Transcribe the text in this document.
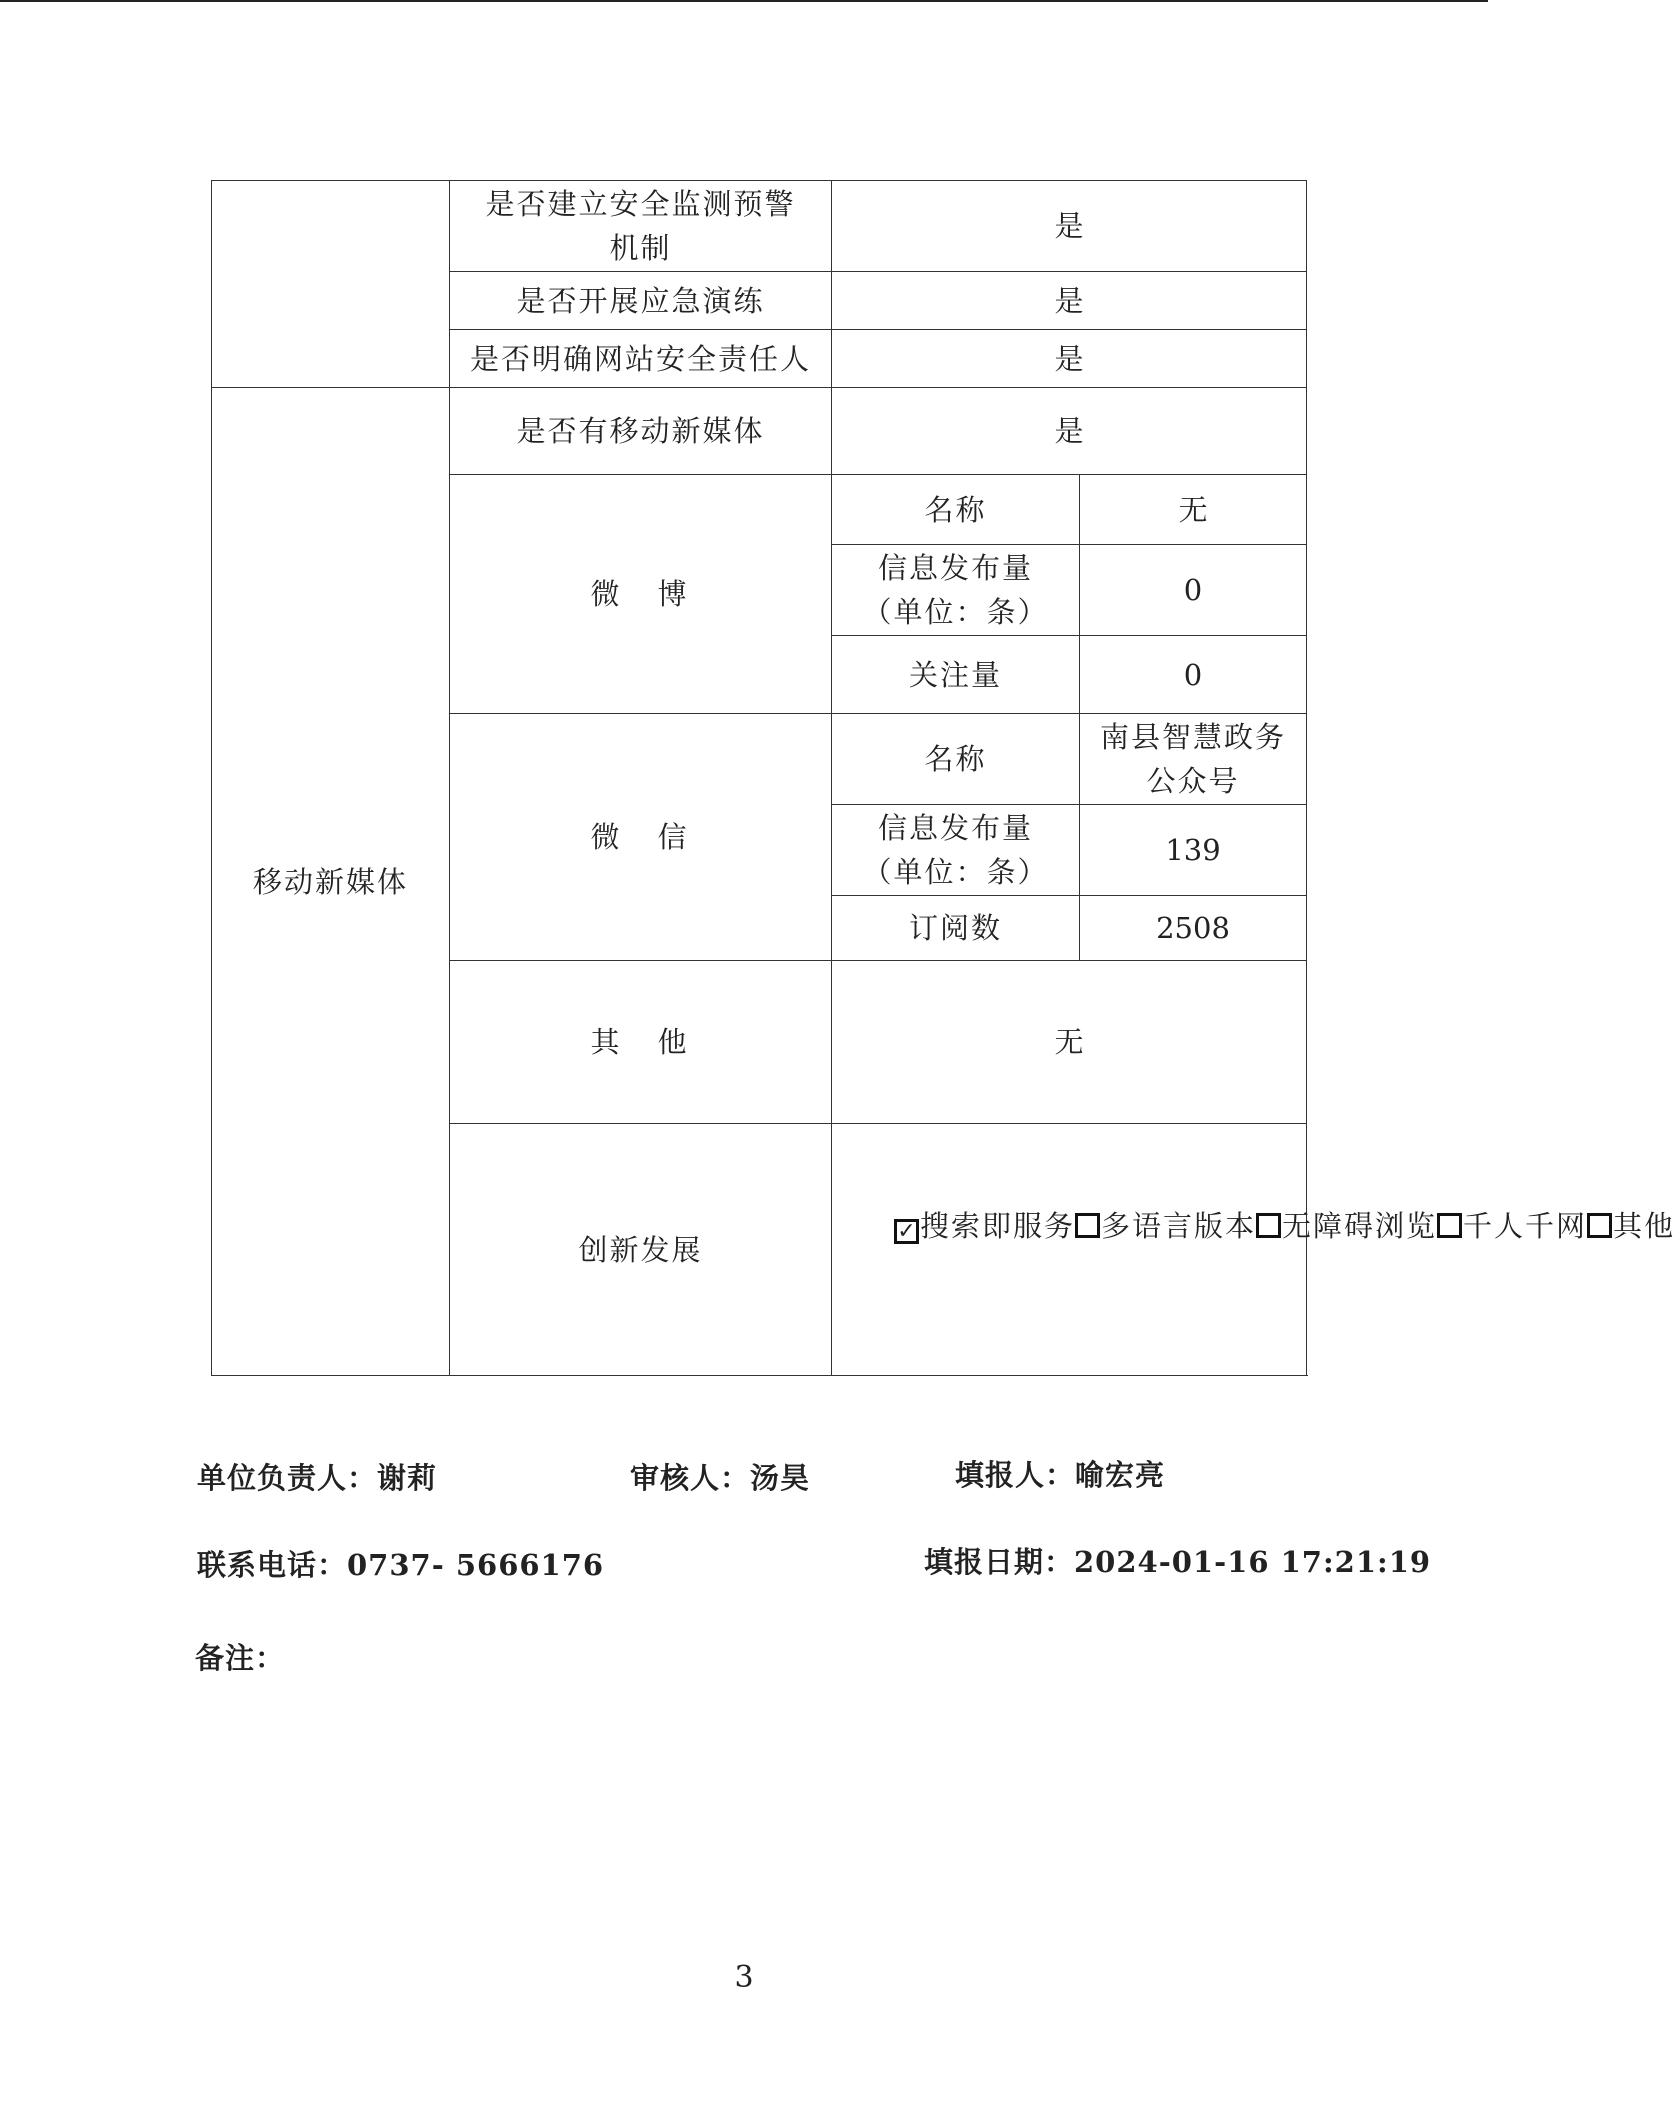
	是否建立安全监测预警
机制	是	
	是否开展应急演练	是	
	是否明确网站安全责任人	是	
移动新媒体	是否有移动新媒体	是	
	微博	名称	无
		信息发布量
（单位：条）	0
		关注量	0
	微信	名称	南县智慧政务
公众号
		信息发布量
（单位：条）	139
		订阅数	2508
	其他	无	
	创新发展	✓ 搜索即服务 多语言版本 无障碍浏览 千人千网 其他	
单位负责人：谢莉	审核人：汤昊	填报人：喻宏亮
联系电话：0737- 5666176	填报日期：2024-01-16 17:21:19
备注：
3
